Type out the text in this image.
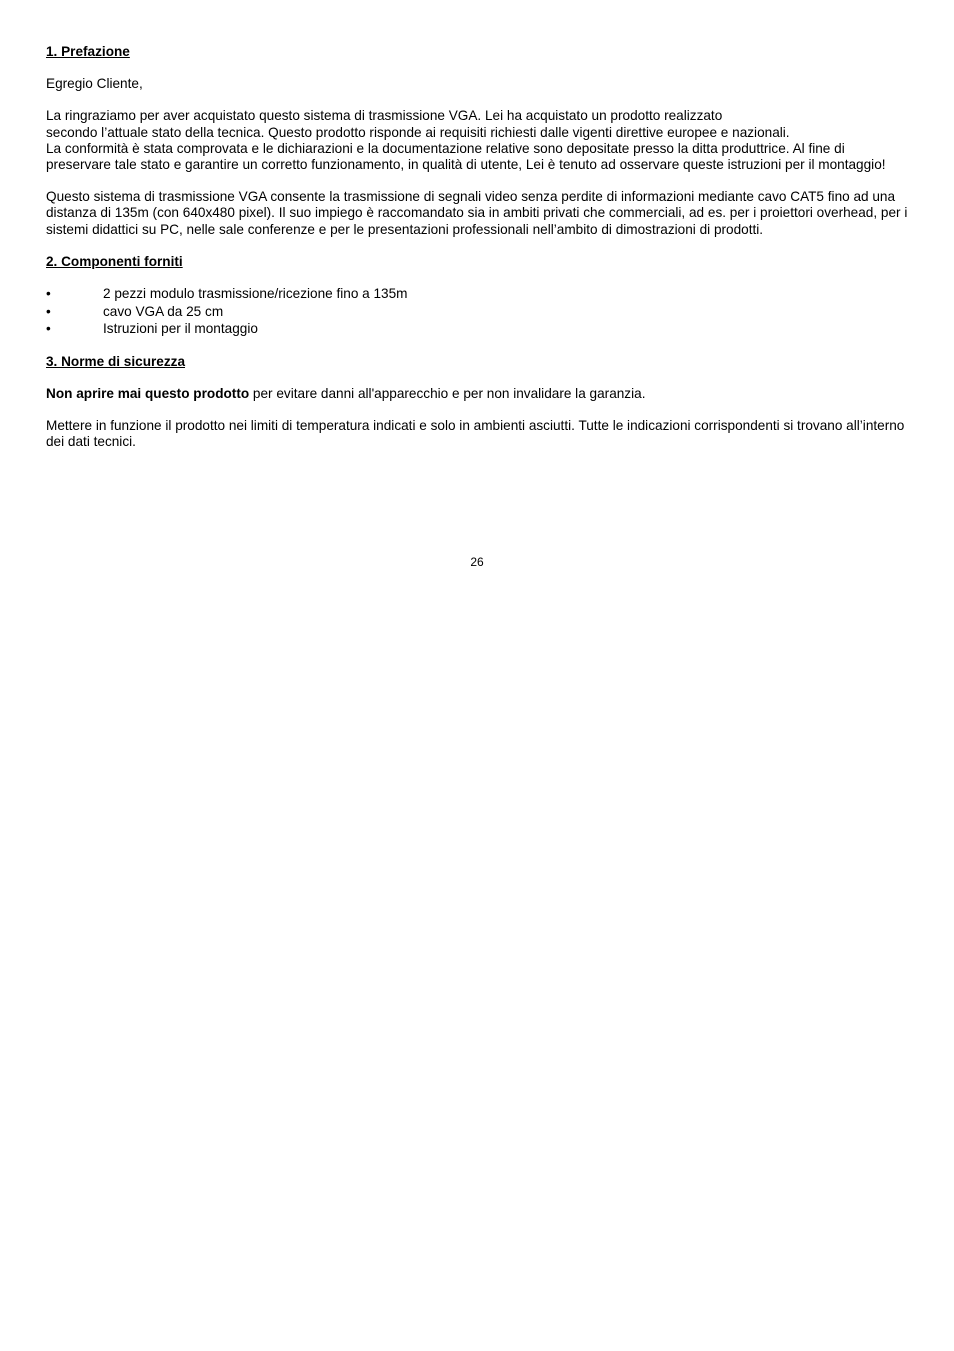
1. Prefazione

Egregio Cliente,

La ringraziamo per aver acquistato questo sistema di trasmissione VGA. Lei ha acquistato un prodotto realizzato
secondo l’attuale stato della tecnica. Questo prodotto risponde ai requisiti richiesti dalle vigenti direttive europee e nazionali.
La conformità è stata comprovata e le dichiarazioni e la documentazione relative sono depositate presso la ditta produttrice. Al fine di preservare tale stato e garantire un corretto funzionamento, in qualità di utente, Lei è tenuto ad osservare queste istruzioni per il montaggio!

Questo sistema di trasmissione VGA consente la trasmissione di segnali video senza perdite di informazioni mediante cavo CAT5 fino ad una distanza di 135m (con 640x480 pixel). Il suo impiego è raccomandato sia in ambiti privati che commerciali, ad es. per i proiettori overhead, per i sistemi didattici su PC, nelle sale conferenze e per le presentazioni professionali nell’ambito di dimostrazioni di prodotti.

2. Componenti forniti
•	2 pezzi modulo trasmissione/ricezione fino a 135m
•	cavo VGA da 25 cm
•	Istruzioni per il montaggio
3. Norme di sicurezza

Non aprire mai questo prodotto per evitare danni all'apparecchio e per non invalidare la garanzia.

Mettere in funzione il prodotto nei limiti di temperatura indicati e solo in ambienti asciutti. Tutte le indicazioni corrispondenti si trovano all’interno dei dati tecnici.

26
